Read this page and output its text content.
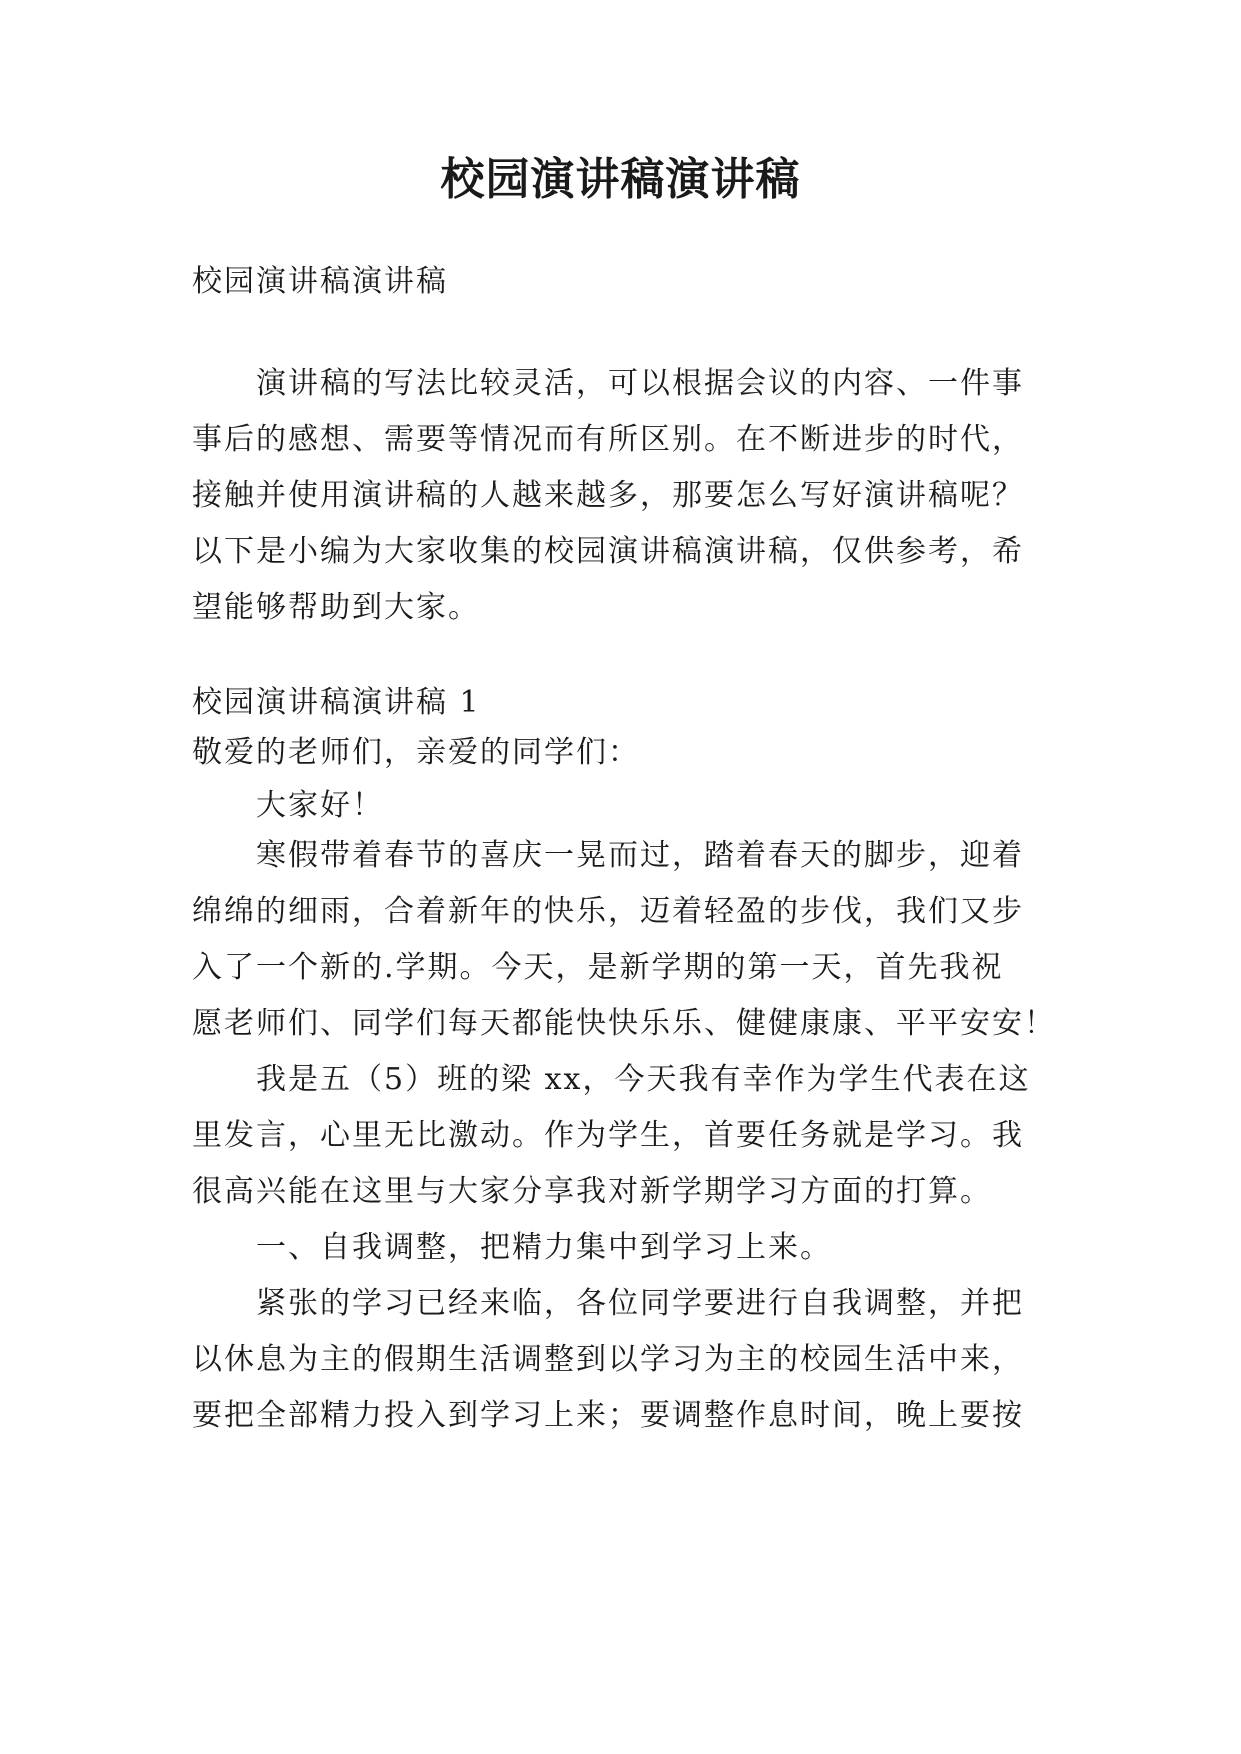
校园演讲稿演讲稿
校园演讲稿演讲稿
演讲稿的写法比较灵活，可以根据会议的内容、一件事
事后的感想、需要等情况而有所区别。在不断进步的时代，
接触并使用演讲稿的人越来越多，那要怎么写好演讲稿呢？
以下是小编为大家收集的校园演讲稿演讲稿，仅供参考，希
望能够帮助到大家。
校园演讲稿演讲稿 1
敬爱的老师们，亲爱的同学们：
大家好！
寒假带着春节的喜庆一晃而过，踏着春天的脚步，迎着
绵绵的细雨，合着新年的快乐，迈着轻盈的步伐，我们又步
入了一个新的.学期。今天，是新学期的第一天，首先我祝
愿老师们、同学们每天都能快快乐乐、健健康康、平平安安！
我是五（5）班的梁 xx，今天我有幸作为学生代表在这
里发言，心里无比激动。作为学生，首要任务就是学习。我
很高兴能在这里与大家分享我对新学期学习方面的打算。
一、自我调整，把精力集中到学习上来。
紧张的学习已经来临，各位同学要进行自我调整，并把
以休息为主的假期生活调整到以学习为主的校园生活中来，
要把全部精力投入到学习上来；要调整作息时间，晚上要按
